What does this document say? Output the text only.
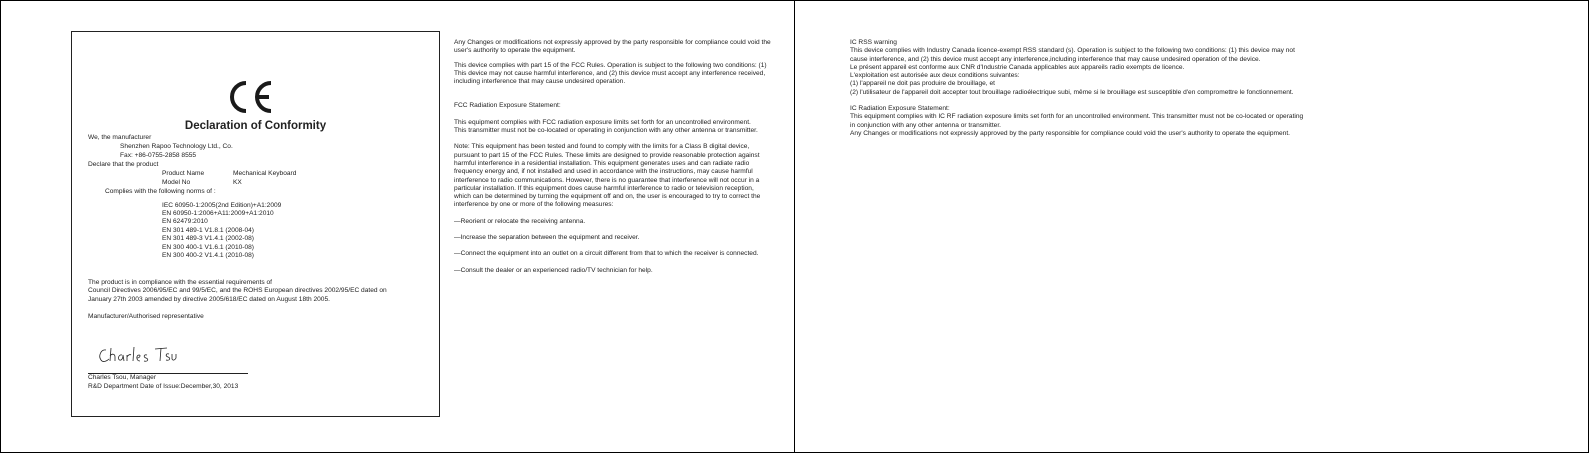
Declaration of Conformity
We, the manufacturer
Shenzhen Rapoo Technology Ltd., Co.
Fax: +86-0755-2858 8555
Declare that the product
Product Name	Mechanical Keyboard
Model No	KX
Complies with the following norms of :
IEC 60950-1:2005(2nd Edition)+A1:2009
EN 60950-1:2006+A11:2009+A1:2010
EN 62479:2010
EN 301 489-1 V1.8.1 (2008-04)
EN 301 489-3 V1.4.1 (2002-08)
EN 300 400-1 V1.6.1 (2010-08)
EN 300 400-2 V1.4.1 (2010-08)
The product is in compliance with the essential requirements of
Council Directives 2006/95/EC and 99/5/EC, and the ROHS European directives 2002/95/EC dated on
January 27th 2003 amended by directive 2005/618/EC dated on August 18th 2005.
Manufacturer/Authorised representative
Charles Tsou, Manager
R&D Department Date of Issue:December,30, 2013

Any Changes or modifications not expressly approved by the party responsible for compliance could void the user's authority to operate the equipment.

This device complies with part 15 of the FCC Rules. Operation is subject to the following two conditions: (1) This device may not cause harmful interference, and (2) this device must accept any interference received, including interference that may cause undesired operation.

FCC Radiation Exposure Statement:

This equipment complies with FCC radiation exposure limits set forth for an uncontrolled environment.

This transmitter must not be co-located or operating in conjunction with any other antenna or transmitter.

Note: This equipment has been tested and found to comply with the limits for a Class B digital device, pursuant to part 15 of the FCC Rules. These limits are designed to provide reasonable protection against harmful interference in a residential installation. This equipment generates uses and can radiate radio frequency energy and, if not installed and used in accordance with the instructions, may cause harmful interference to radio communications. However, there is no guarantee that interference will not occur in a particular installation. If this equipment does cause harmful interference to radio or television reception, which can be determined by turning the equipment off and on, the user is encouraged to try to correct the interference by one or more of the following measures:

—Reorient or relocate the receiving antenna.

—Increase the separation between the equipment and receiver.

—Connect the equipment into an outlet on a circuit different from that to which the receiver is connected.

—Consult the dealer or an experienced radio/TV technician for help.

IC RSS warning

This device complies with Industry Canada licence-exempt RSS standard (s). Operation is subject to the following two conditions: (1) this device may not

cause interference, and (2) this device must accept any interference,including interference that may cause undesired operation of the device.

Le présent appareil est conforme aux CNR d'Industrie Canada applicables aux appareils radio exempts de licence.

L'exploitation est autorisée aux deux conditions suivantes:

(1) l'appareil ne doit pas produire de brouillage, et

(2) l'utilisateur de l'appareil doit accepter tout brouillage radioélectrique subi, même si le brouillage est susceptible d'en compromettre le fonctionnement.

IC Radiation Exposure Statement:

This equipment complies with IC RF radiation exposure limits set forth for an uncontrolled environment. This transmitter must not be co-located or operating

in conjunction with any other antenna or transmitter.

Any Changes or modifications not expressly approved by the party responsible for compliance could void the user's authority to operate the equipment.
